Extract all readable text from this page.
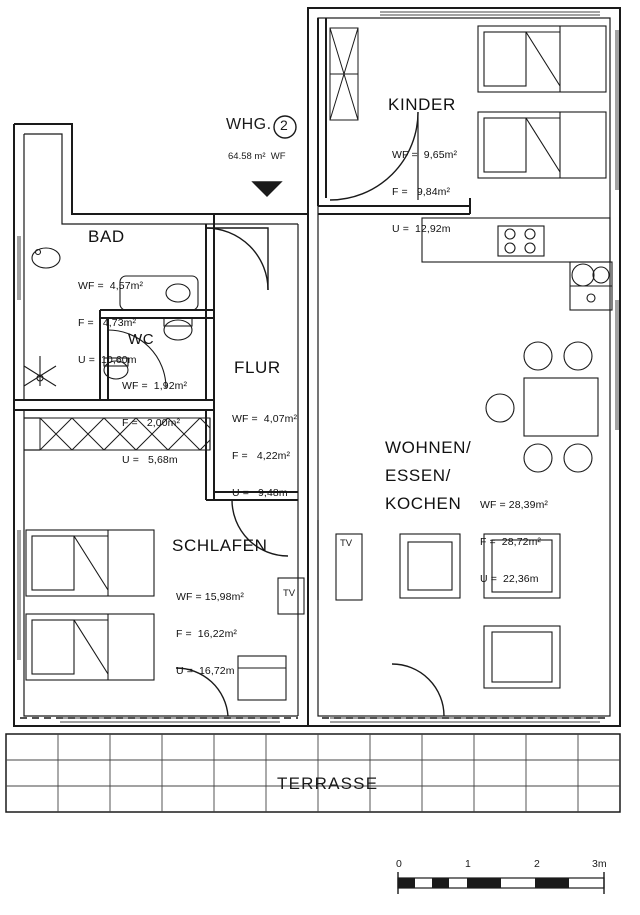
WHG. 2
64.58 m²  WF
BAD

WF =  4,57m²

F =   4,73m²

U =  10,60m

WC

WF =  1,92m²

F =   2,00m²

U =   5,68m

FLUR

WF =  4,07m²

F =   4,22m²

U =   9,48m

KINDER

WF =  9,65m²

F =   9,84m²

U =  12,92m

SCHLAFEN

WF = 15,98m²

F =  16,22m²

U =  16,72m

WOHNEN/
ESSEN/
KOCHEN

WF = 28,39m²

F =  28,72m²

U =  22,36m

TV
TV
TERRASSE
0	1	2	3m
